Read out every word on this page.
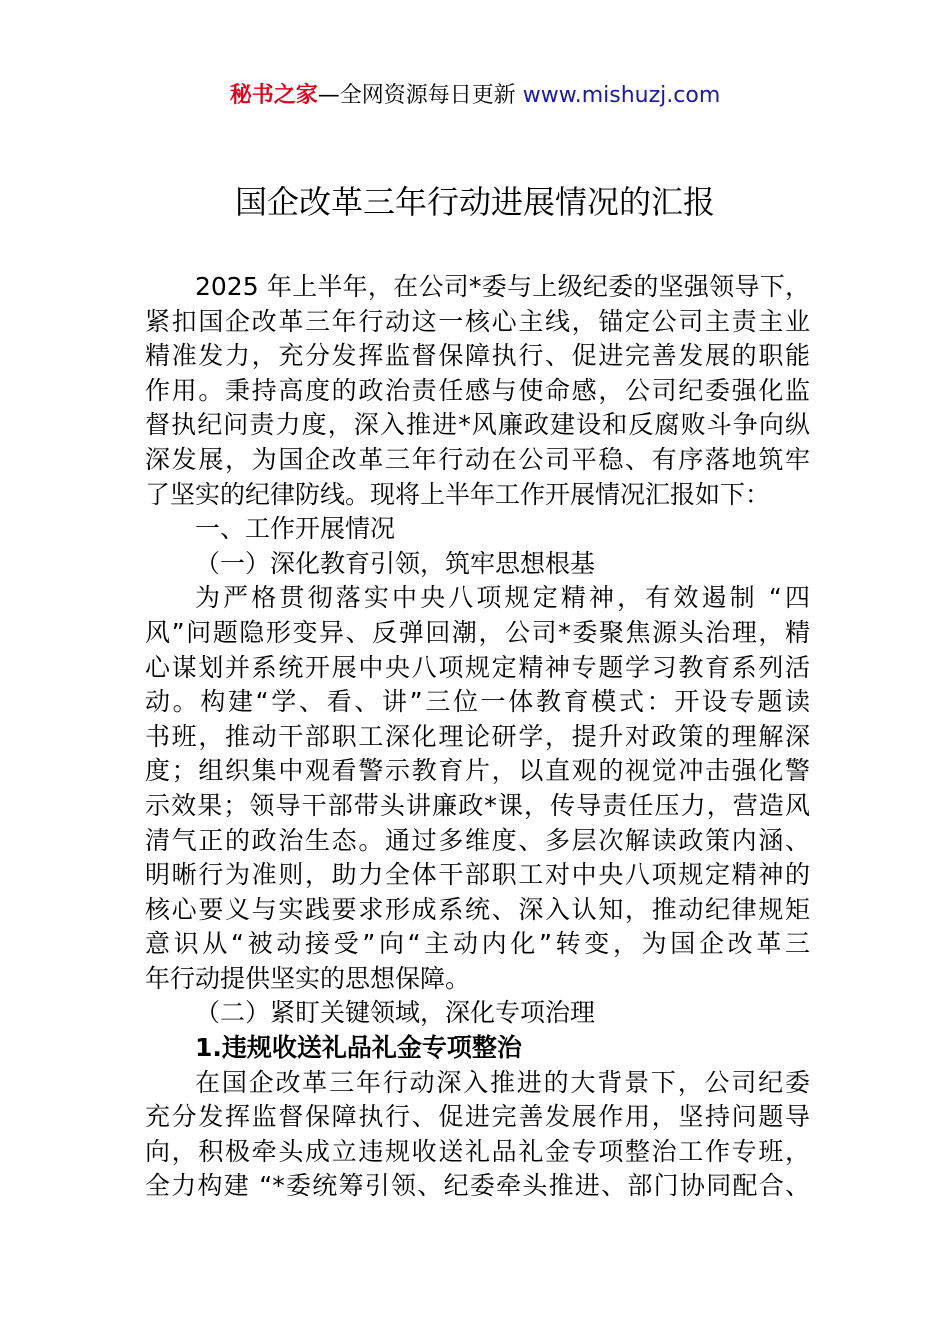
秘书之家—全网资源每日更新 www.mishuzj.com
国企改革三年行动进展情况的汇报
2025 年上半年，在公司*委与上级纪委的坚强领导下，
紧扣国企改革三年行动这一核心主线，锚定公司主责主业
精准发力，充分发挥监督保障执行、促进完善发展的职能
作用。秉持高度的政治责任感与使命感，公司纪委强化监
督执纪问责力度，深入推进*风廉政建设和反腐败斗争向纵
深发展，为国企改革三年行动在公司平稳、有序落地筑牢
了坚实的纪律防线。现将上半年工作开展情况汇报如下：
一、工作开展情况
（一）深化教育引领，筑牢思想根基
为严格贯彻落实中央八项规定精神，有效遏制 “四
风”问题隐形变异、反弹回潮，公司*委聚焦源头治理，精
心谋划并系统开展中央八项规定精神专题学习教育系列活
动。构建“学、看、讲”三位一体教育模式：开设专题读
书班，推动干部职工深化理论研学，提升对政策的理解深
度；组织集中观看警示教育片，以直观的视觉冲击强化警
示效果；领导干部带头讲廉政*课，传导责任压力，营造风
清气正的政治生态。通过多维度、多层次解读政策内涵、
明晰行为准则，助力全体干部职工对中央八项规定精神的
核心要义与实践要求形成系统、深入认知，推动纪律规矩
意识从“被动接受”向“主动内化”转变，为国企改革三
年行动提供坚实的思想保障。
（二）紧盯关键领域，深化专项治理
1.违规收送礼品礼金专项整治
在国企改革三年行动深入推进的大背景下，公司纪委
充分发挥监督保障执行、促进完善发展作用，坚持问题导
向，积极牵头成立违规收送礼品礼金专项整治工作专班，
全力构建 “*委统筹引领、纪委牵头推进、部门协同配合、
